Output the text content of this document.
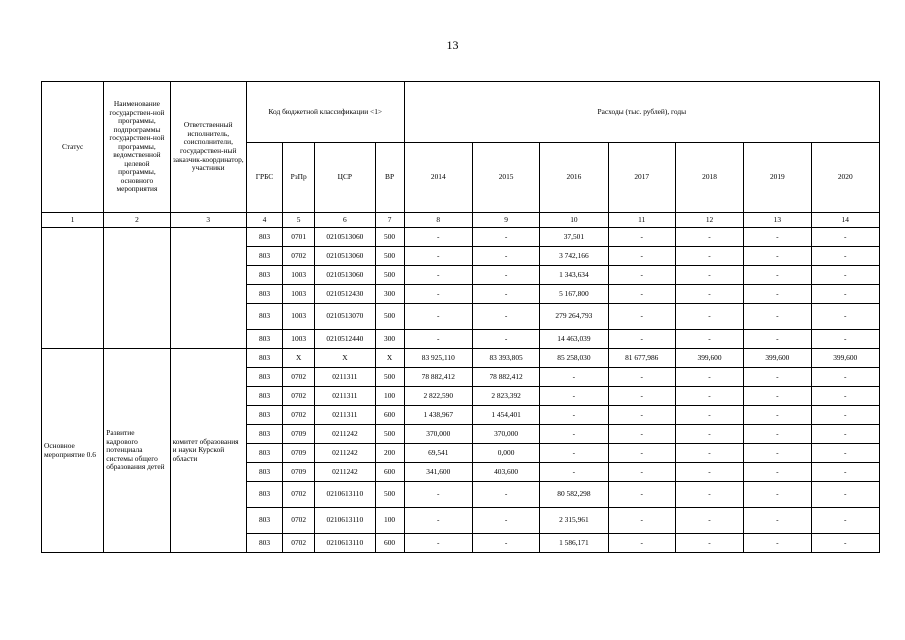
13
Статус	Наименование государствен-ной программы, подпрограммы государствен-ной программы, ведомственной целевой программы, основного мероприятия	Ответственный исполнитель, соисполнители, государствен-ный заказчик-координатор, участники	Код бюджетной классификации <1>				Расходы (тыс. рублей), годы						
			ГРБС	РзПр	ЦСР	ВР	2014	2015	2016	2017	2018	2019	2020
1	2	3	4	5	6	7	8	9	10	11	12	13	14
			803	0701	0210513060	500	-	-	37,501	-	-	-	-
			803	0702	0210513060	500	-	-	3 742,166	-	-	-	-
			803	1003	0210513060	500	-	-	1 343,634	-	-	-	-
			803	1003	0210512430	300	-	-	5 167,800	-	-	-	-
			803	1003	0210513070	500	-	-	279 264,793	-	-	-	-
			803	1003	0210512440	300	-	-	14 463,039	-	-	-	-
Основное мероприятие 0.6	Развитие кадрового потенциала системы общего образования детей	комитет образования и науки Курской области	803	X	X	X	83 925,110	83 393,805	85 258,030	81 677,986	399,600	399,600	399,600
			803	0702	0211311	500	78 882,412	78 882,412	-	-	-	-	-
			803	0702	0211311	100	2 822,590	2 823,392	-	-	-	-	-
			803	0702	0211311	600	1 438,967	1 454,401	-	-	-	-	-
			803	0709	0211242	500	370,000	370,000	-	-	-	-	-
			803	0709	0211242	200	69,541	0,000	-	-	-	-	-
			803	0709	0211242	600	341,600	403,600	-	-	-	-	-
			803	0702	0210613110	500	-	-	80 582,298	-	-	-	-
			803	0702	0210613110	100	-	-	2 315,961	-	-	-	-
			803	0702	0210613110	600	-	-	1 586,171	-	-	-	-
